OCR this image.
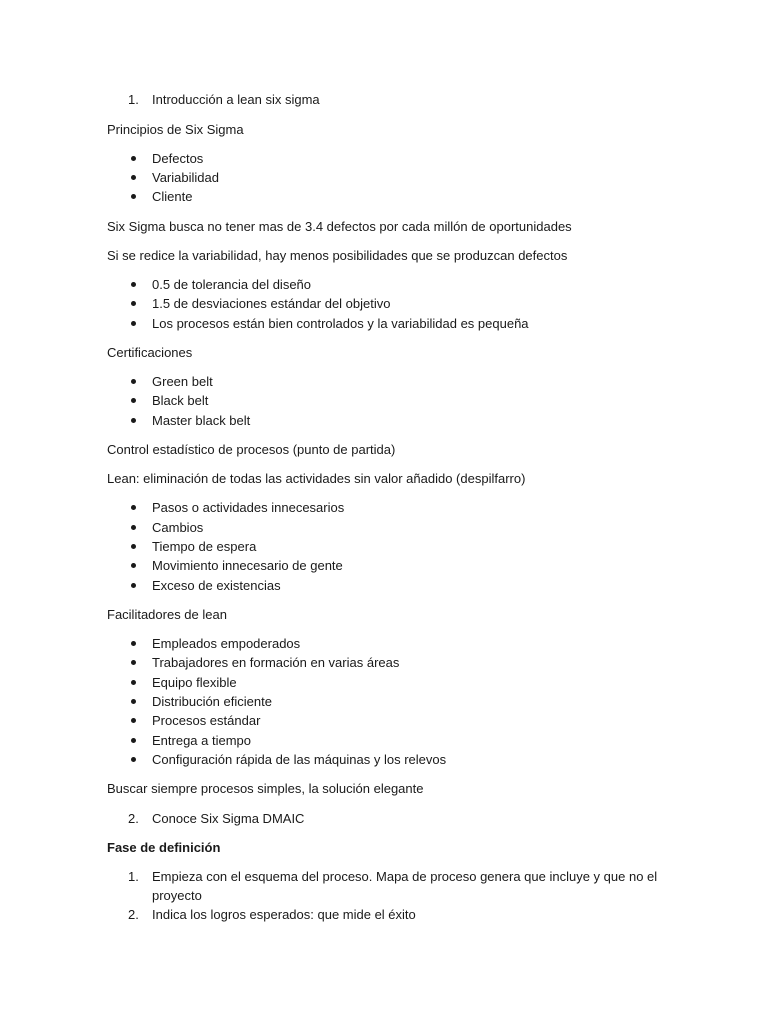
1.	Introducción a lean six sigma
Principios de Six Sigma
Defectos
Variabilidad
Cliente
Six Sigma busca no tener mas de 3.4 defectos por cada millón de oportunidades
Si se redice la variabilidad, hay menos posibilidades que se produzcan defectos
0.5 de tolerancia del diseño
1.5 de desviaciones estándar del objetivo
Los procesos están bien controlados y la variabilidad es pequeña
Certificaciones
Green belt
Black belt
Master black belt
Control estadístico de procesos (punto de partida)
Lean: eliminación de todas las actividades sin valor añadido (despilfarro)
Pasos o actividades innecesarios
Cambios
Tiempo de espera
Movimiento innecesario de gente
Exceso de existencias
Facilitadores de lean
Empleados empoderados
Trabajadores en formación en varias áreas
Equipo flexible
Distribución eficiente
Procesos estándar
Entrega a tiempo
Configuración rápida de las máquinas y los relevos
Buscar siempre procesos simples, la solución elegante
2.	Conoce Six Sigma DMAIC
Fase de definición
1.	Empieza con el esquema del proceso. Mapa de proceso genera que incluye y que no el
proyecto
2.	Indica los logros esperados: que mide el éxito
